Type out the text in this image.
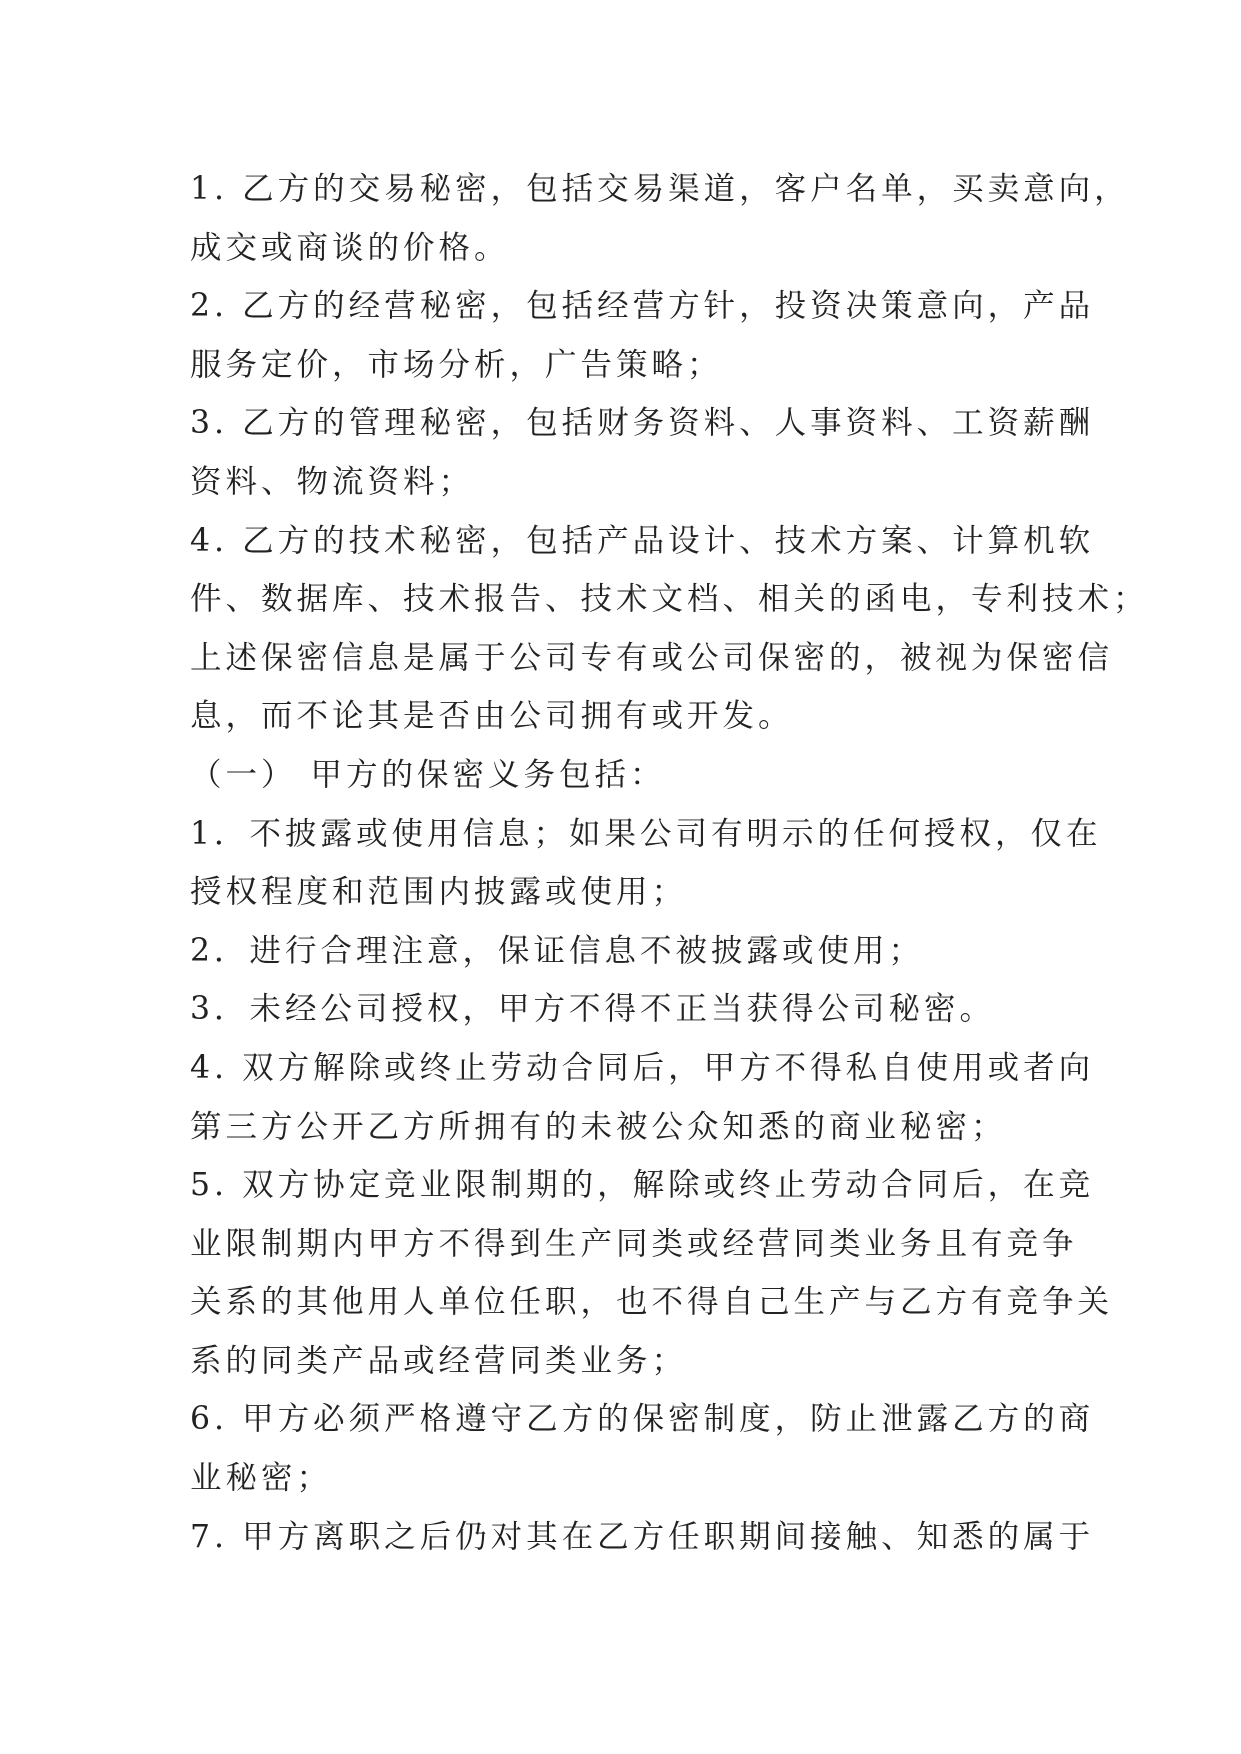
1. 乙方的交易秘密，包括交易渠道，客户名单，买卖意向，
成交或商谈的价格。
2. 乙方的经营秘密，包括经营方针，投资决策意向，产品
服务定价，市场分析，广告策略；
3. 乙方的管理秘密，包括财务资料、人事资料、工资薪酬
资料、物流资料；
4. 乙方的技术秘密，包括产品设计、技术方案、计算机软
件、数据库、技术报告、技术文档、相关的函电，专利技术；
上述保密信息是属于公司专有或公司保密的，被视为保密信
息，而不论其是否由公司拥有或开发。
（一） 甲方的保密义务包括：
1．不披露或使用信息；如果公司有明示的任何授权，仅在
授权程度和范围内披露或使用；
2．进行合理注意，保证信息不被披露或使用；
3．未经公司授权，甲方不得不正当获得公司秘密。
4. 双方解除或终止劳动合同后，甲方不得私自使用或者向
第三方公开乙方所拥有的未被公众知悉的商业秘密；
5. 双方协定竞业限制期的，解除或终止劳动合同后，在竞
业限制期内甲方不得到生产同类或经营同类业务且有竞争
关系的其他用人单位任职，也不得自己生产与乙方有竞争关
系的同类产品或经营同类业务；
6. 甲方必须严格遵守乙方的保密制度，防止泄露乙方的商
业秘密；
7. 甲方离职之后仍对其在乙方任职期间接触、知悉的属于
